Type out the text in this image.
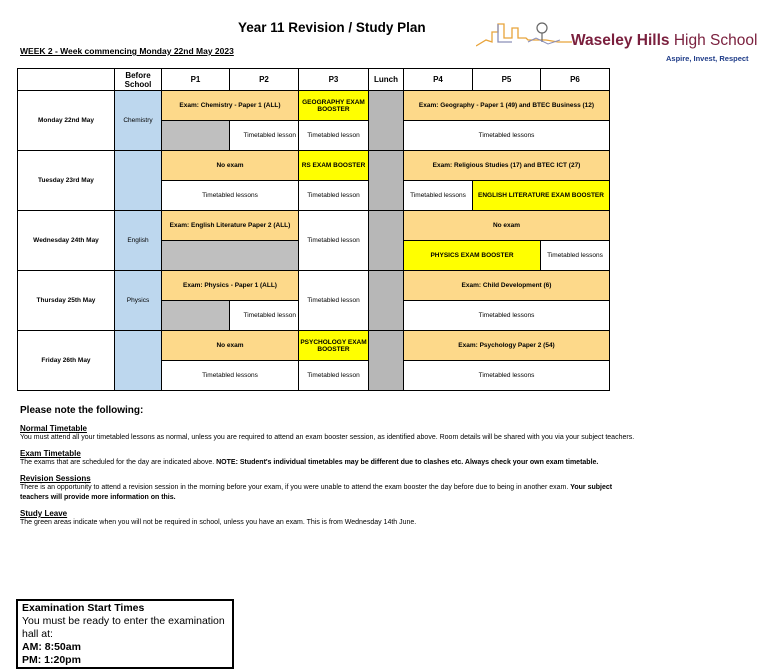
Year 11 Revision / Study Plan
WEEK 2 - Week commencing Monday 22nd May 2023
Waseley Hills High School
Aspire, Invest, Respect
	Before School	P1	P2	P3	Lunch	P4	P5	P6
Monday 22nd May	Chemistry	Exam: Chemistry - Paper 1 (ALL)		GEOGRAPHY EXAM BOOSTER		Exam: Geography - Paper 1 (49) and BTEC Business (12)		
			Timetabled lesson	Timetabled lesson		Timetabled lessons		
Tuesday 23rd May		No exam		RS EXAM BOOSTER		Exam: Religious Studies (17) and BTEC ICT (27)		
		Timetabled lessons		Timetabled lesson		Timetabled lessons	ENGLISH LITERATURE EXAM BOOSTER	
Wednesday 24th May	English	Exam: English Literature Paper 2 (ALL)		Timetabled lesson		No exam		
						PHYSICS EXAM BOOSTER		Timetabled lessons
Thursday 25th May	Physics	Exam: Physics - Paper 1 (ALL)		Timetabled lesson		Exam: Child Development (6)		
			Timetabled lesson			Timetabled lessons		
Friday 26th May		No exam		PSYCHOLOGY EXAM BOOSTER		Exam: Psychology Paper 2 (54)		
		Timetabled lessons		Timetabled lesson		Timetabled lessons		
Please note the following:
Normal Timetable
You must attend all your timetabled lessons as normal, unless you are required to attend an exam booster session, as identified above. Room details will be shared with you via your subject teachers.
Exam Timetable
The exams that are scheduled for the day are indicated above. NOTE: Student's individual timetables may be different due to clashes etc. Always check your own exam timetable.
Revision Sessions
There is an opportunity to attend a revision session in the morning before your exam, if you were unable to attend the exam booster the day before due to being in another exam. Your subject teachers will provide more information on this.
Study Leave
The green areas indicate when you will not be required in school, unless you have an exam. This is from Wednesday 14th June.
Examination Start Times
You must be ready to enter the examination hall at:
AM: 8:50am
PM: 1:20pm
